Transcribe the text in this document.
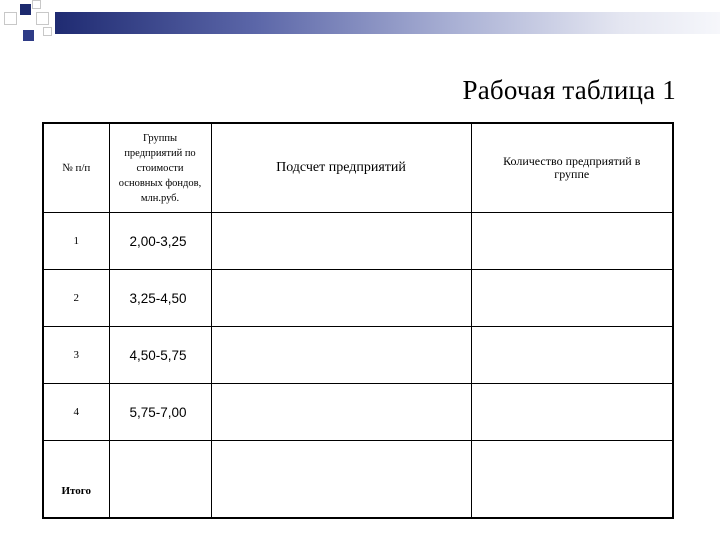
Рабочая таблица 1
№ п/п	Группы предприятий по стоимости основных фондов, млн.руб.	Подсчет предприятий	Количество предприятий в группе
1	2,00-3,25		
2	3,25-4,50		
3	4,50-5,75		
4	5,75-7,00		
Итого			
